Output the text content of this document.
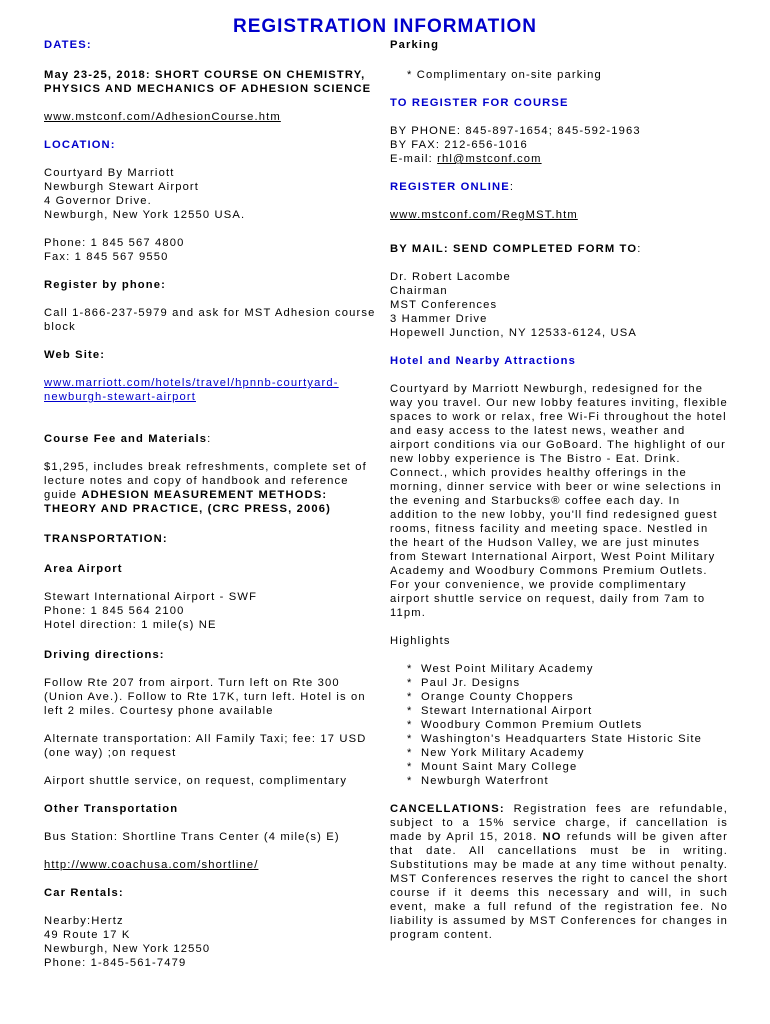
REGISTRATION INFORMATION

DATES:

May 23-25, 2018: SHORT COURSE ON CHEMISTRY, PHYSICS AND MECHANICS OF ADHESION SCIENCE

www.mstconf.com/AdhesionCourse.htm

LOCATION:

Courtyard By Marriott

Newburgh Stewart Airport

4 Governor Drive.

Newburgh, New York 12550 USA.

Phone: 1 845 567 4800

Fax: 1 845 567 9550

Register by phone:

Call 1-866-237-5979 and ask for MST Adhesion course block

Web Site:

www.marriott.com/hotels/travel/hpnnb-courtyard-newburgh-stewart-airport

Course Fee and Materials:

$1,295, includes break refreshments, complete set of lecture notes and copy of handbook and reference guide ADHESION MEASUREMENT METHODS: THEORY AND PRACTICE, (CRC PRESS, 2006)

TRANSPORTATION:

Area Airport

Stewart International Airport - SWF

Phone: 1 845 564 2100

Hotel direction: 1 mile(s) NE

Driving directions:

Follow Rte 207 from airport. Turn left on Rte 300 (Union Ave.). Follow to Rte 17K, turn left. Hotel is on left 2 miles. Courtesy phone available

Alternate transportation: All Family Taxi; fee: 17 USD (one way) ;on request

Airport shuttle service, on request, complimentary

Other Transportation

Bus Station: Shortline Trans Center (4 mile(s) E)

http://www.coachusa.com/shortline/

Car Rentals:

Nearby:Hertz

49 Route 17 K

Newburgh, New York 12550

Phone: 1-845-561-7479

Parking

* Complimentary on-site parking

TO REGISTER FOR COURSE

BY PHONE: 845-897-1654; 845-592-1963

BY FAX: 212-656-1016

E-mail: rhl@mstconf.com

REGISTER ONLINE:

www.mstconf.com/RegMST.htm

BY MAIL: SEND COMPLETED FORM TO:

Dr. Robert Lacombe

Chairman

MST Conferences

3 Hammer Drive

Hopewell Junction, NY 12533-6124, USA

Hotel and Nearby Attractions

Courtyard by Marriott Newburgh, redesigned for the way you travel. Our new lobby features inviting, flexible spaces to work or relax, free Wi-Fi throughout the hotel and easy access to the latest news, weather and airport conditions via our GoBoard. The highlight of our new lobby experience is The Bistro - Eat. Drink. Connect., which provides healthy offerings in the morning, dinner service with beer or wine selections in the evening and Starbucks® coffee each day. In addition to the new lobby, you'll find redesigned guest rooms, fitness facility and meeting space. Nestled in the heart of the Hudson Valley, we are just minutes from Stewart International Airport, West Point Military Academy and Woodbury Commons Premium Outlets. For your convenience, we provide complimentary airport shuttle service on request, daily from 7am to 11pm.

Highlights

* West Point Military Academy
* Paul Jr. Designs
* Orange County Choppers
* Stewart International Airport
* Woodbury Common Premium Outlets
* Washington's Headquarters State Historic Site
* New York Military Academy
* Mount Saint Mary College
* Newburgh Waterfront

CANCELLATIONS: Registration fees are refundable, subject to a 15% service charge, if cancellation is made by April 15, 2018. NO refunds will be given after that date. All cancellations must be in writing. Substitutions may be made at any time without penalty. MST Conferences reserves the right to cancel the short course if it deems this necessary and will, in such event, make a full refund of the registration fee. No liability is assumed by MST Conferences for changes in program content.
